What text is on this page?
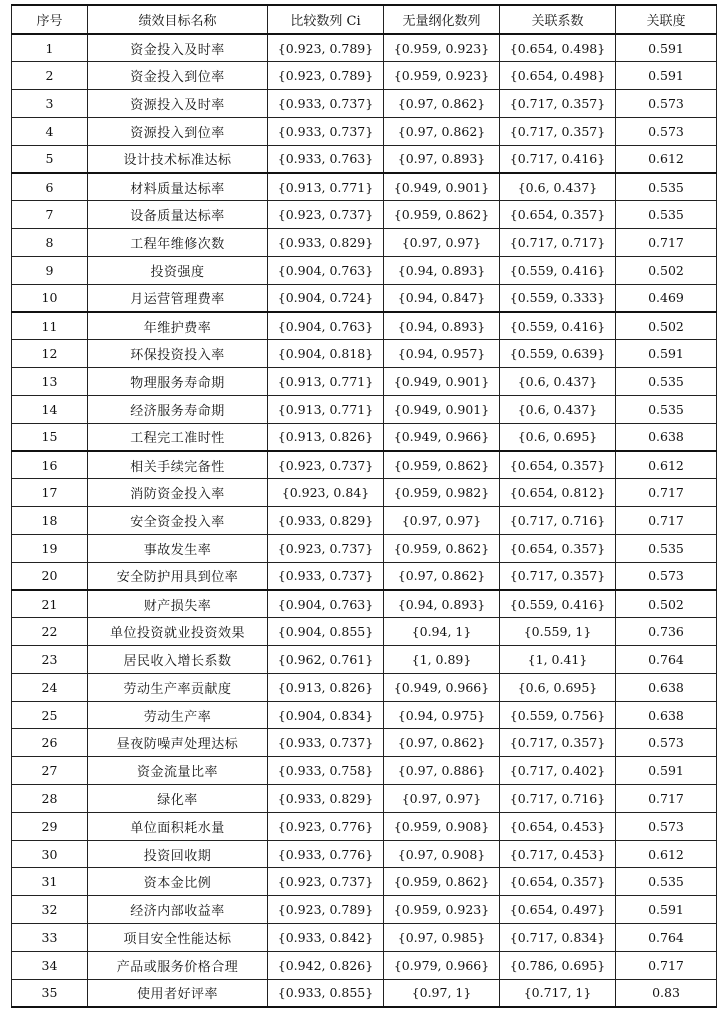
序号	绩效目标名称	比较数列 Ci	无量纲化数列	关联系数	关联度
1	资金投入及时率	{0.923, 0.789}	{0.959, 0.923}	{0.654, 0.498}	0.591
2	资金投入到位率	{0.923, 0.789}	{0.959, 0.923}	{0.654, 0.498}	0.591
3	资源投入及时率	{0.933, 0.737}	{0.97, 0.862}	{0.717, 0.357}	0.573
4	资源投入到位率	{0.933, 0.737}	{0.97, 0.862}	{0.717, 0.357}	0.573
5	设计技术标准达标	{0.933, 0.763}	{0.97, 0.893}	{0.717, 0.416}	0.612
6	材料质量达标率	{0.913, 0.771}	{0.949, 0.901}	{0.6, 0.437}	0.535
7	设备质量达标率	{0.923, 0.737}	{0.959, 0.862}	{0.654, 0.357}	0.535
8	工程年维修次数	{0.933, 0.829}	{0.97, 0.97}	{0.717, 0.717}	0.717
9	投资强度	{0.904, 0.763}	{0.94, 0.893}	{0.559, 0.416}	0.502
10	月运营管理费率	{0.904, 0.724}	{0.94, 0.847}	{0.559, 0.333}	0.469
11	年维护费率	{0.904, 0.763}	{0.94, 0.893}	{0.559, 0.416}	0.502
12	环保投资投入率	{0.904, 0.818}	{0.94, 0.957}	{0.559, 0.639}	0.591
13	物理服务寿命期	{0.913, 0.771}	{0.949, 0.901}	{0.6, 0.437}	0.535
14	经济服务寿命期	{0.913, 0.771}	{0.949, 0.901}	{0.6, 0.437}	0.535
15	工程完工准时性	{0.913, 0.826}	{0.949, 0.966}	{0.6, 0.695}	0.638
16	相关手续完备性	{0.923, 0.737}	{0.959, 0.862}	{0.654, 0.357}	0.612
17	消防资金投入率	{0.923, 0.84}	{0.959, 0.982}	{0.654, 0.812}	0.717
18	安全资金投入率	{0.933, 0.829}	{0.97, 0.97}	{0.717, 0.716}	0.717
19	事故发生率	{0.923, 0.737}	{0.959, 0.862}	{0.654, 0.357}	0.535
20	安全防护用具到位率	{0.933, 0.737}	{0.97, 0.862}	{0.717, 0.357}	0.573
21	财产损失率	{0.904, 0.763}	{0.94, 0.893}	{0.559, 0.416}	0.502
22	单位投资就业投资效果	{0.904, 0.855}	{0.94, 1}	{0.559, 1}	0.736
23	居民收入增长系数	{0.962, 0.761}	{1, 0.89}	{1, 0.41}	0.764
24	劳动生产率贡献度	{0.913, 0.826}	{0.949, 0.966}	{0.6, 0.695}	0.638
25	劳动生产率	{0.904, 0.834}	{0.94, 0.975}	{0.559, 0.756}	0.638
26	昼夜防噪声处理达标	{0.933, 0.737}	{0.97, 0.862}	{0.717, 0.357}	0.573
27	资金流量比率	{0.933, 0.758}	{0.97, 0.886}	{0.717, 0.402}	0.591
28	绿化率	{0.933, 0.829}	{0.97, 0.97}	{0.717, 0.716}	0.717
29	单位面积耗水量	{0.923, 0.776}	{0.959, 0.908}	{0.654, 0.453}	0.573
30	投资回收期	{0.933, 0.776}	{0.97, 0.908}	{0.717, 0.453}	0.612
31	资本金比例	{0.923, 0.737}	{0.959, 0.862}	{0.654, 0.357}	0.535
32	经济内部收益率	{0.923, 0.789}	{0.959, 0.923}	{0.654, 0.497}	0.591
33	项目安全性能达标	{0.933, 0.842}	{0.97, 0.985}	{0.717, 0.834}	0.764
34	产品或服务价格合理	{0.942, 0.826}	{0.979, 0.966}	{0.786, 0.695}	0.717
35	使用者好评率	{0.933, 0.855}	{0.97, 1}	{0.717, 1}	0.83
